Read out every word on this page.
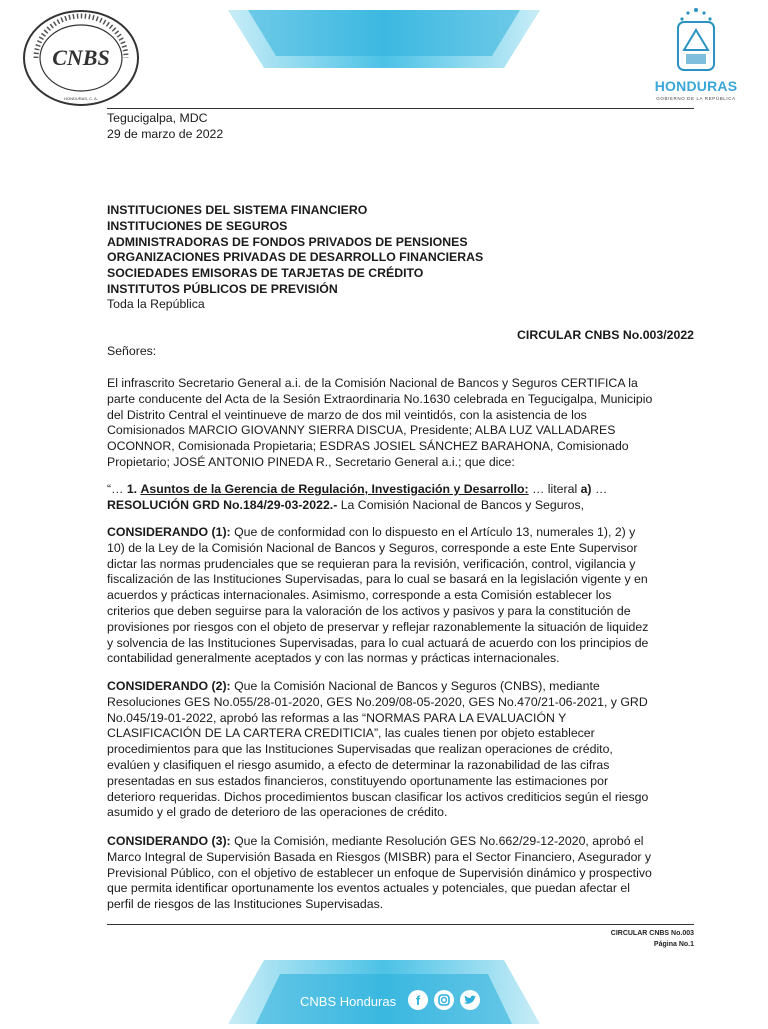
CNBS
HONDURAS, C. A.
HONDURAS
GOBIERNO DE LA REPÚBLICA
Tegucigalpa, MDC
29 de marzo de 2022
INSTITUCIONES DEL SISTEMA FINANCIERO
INSTITUCIONES DE SEGUROS
ADMINISTRADORAS DE FONDOS PRIVADOS DE PENSIONES
ORGANIZACIONES PRIVADAS DE DESARROLLO FINANCIERAS
SOCIEDADES EMISORAS DE TARJETAS DE CRÉDITO
INSTITUTOS PÚBLICOS DE PREVISIÓN
Toda la República
CIRCULAR CNBS No.003/2022
Señores:
El infrascrito Secretario General a.i. de la Comisión Nacional de Bancos y Seguros CERTIFICA la
parte conducente del Acta de la Sesión Extraordinaria No.1630 celebrada en Tegucigalpa, Municipio
del Distrito Central el veintinueve de marzo de dos mil veintidós, con la asistencia de los
Comisionados MARCIO GIOVANNY SIERRA DISCUA, Presidente; ALBA LUZ VALLADARES
OCONNOR, Comisionada Propietaria; ESDRAS JOSIEL SÁNCHEZ BARAHONA, Comisionado
Propietario; JOSÉ ANTONIO PINEDA R., Secretario General a.i.; que dice:
“… 1. Asuntos de la Gerencia de Regulación, Investigación y Desarrollo: … literal a) …
RESOLUCIÓN GRD No.184/29-03-2022.- La Comisión Nacional de Bancos y Seguros,
CONSIDERANDO (1): Que de conformidad con lo dispuesto en el Artículo 13, numerales 1), 2) y
10) de la Ley de la Comisión Nacional de Bancos y Seguros, corresponde a este Ente Supervisor
dictar las normas prudenciales que se requieran para la revisión, verificación, control, vigilancia y
fiscalización de las Instituciones Supervisadas, para lo cual se basará en la legislación vigente y en
acuerdos y prácticas internacionales. Asimismo, corresponde a esta Comisión establecer los
criterios que deben seguirse para la valoración de los activos y pasivos y para la constitución de
provisiones por riesgos con el objeto de preservar y reflejar razonablemente la situación de liquidez
y solvencia de las Instituciones Supervisadas, para lo cual actuará de acuerdo con los principios de
contabilidad generalmente aceptados y con las normas y prácticas internacionales.
CONSIDERANDO (2): Que la Comisión Nacional de Bancos y Seguros (CNBS), mediante
Resoluciones GES No.055/28-01-2020, GES No.209/08-05-2020, GES No.470/21-06-2021, y GRD
No.045/19-01-2022, aprobó las reformas a las “NORMAS PARA LA EVALUACIÓN Y
CLASIFICACIÓN DE LA CARTERA CREDITICIA”, las cuales tienen por objeto establecer
procedimientos para que las Instituciones Supervisadas que realizan operaciones de crédito,
evalúen y clasifiquen el riesgo asumido, a efecto de determinar la razonabilidad de las cifras
presentadas en sus estados financieros, constituyendo oportunamente las estimaciones por
deterioro requeridas. Dichos procedimientos buscan clasificar los activos crediticios según el riesgo
asumido y el grado de deterioro de las operaciones de crédito.
CONSIDERANDO (3): Que la Comisión, mediante Resolución GES No.662/29-12-2020, aprobó el
Marco Integral de Supervisión Basada en Riesgos (MISBR) para el Sector Financiero, Asegurador y
Previsional Público, con el objetivo de establecer un enfoque de Supervisión dinámico y prospectivo
que permita identificar oportunamente los eventos actuales y potenciales, que puedan afectar el
perfil de riesgos de las Instituciones Supervisadas.
CIRCULAR CNBS No.003
Página No.1
CNBS Honduras f
